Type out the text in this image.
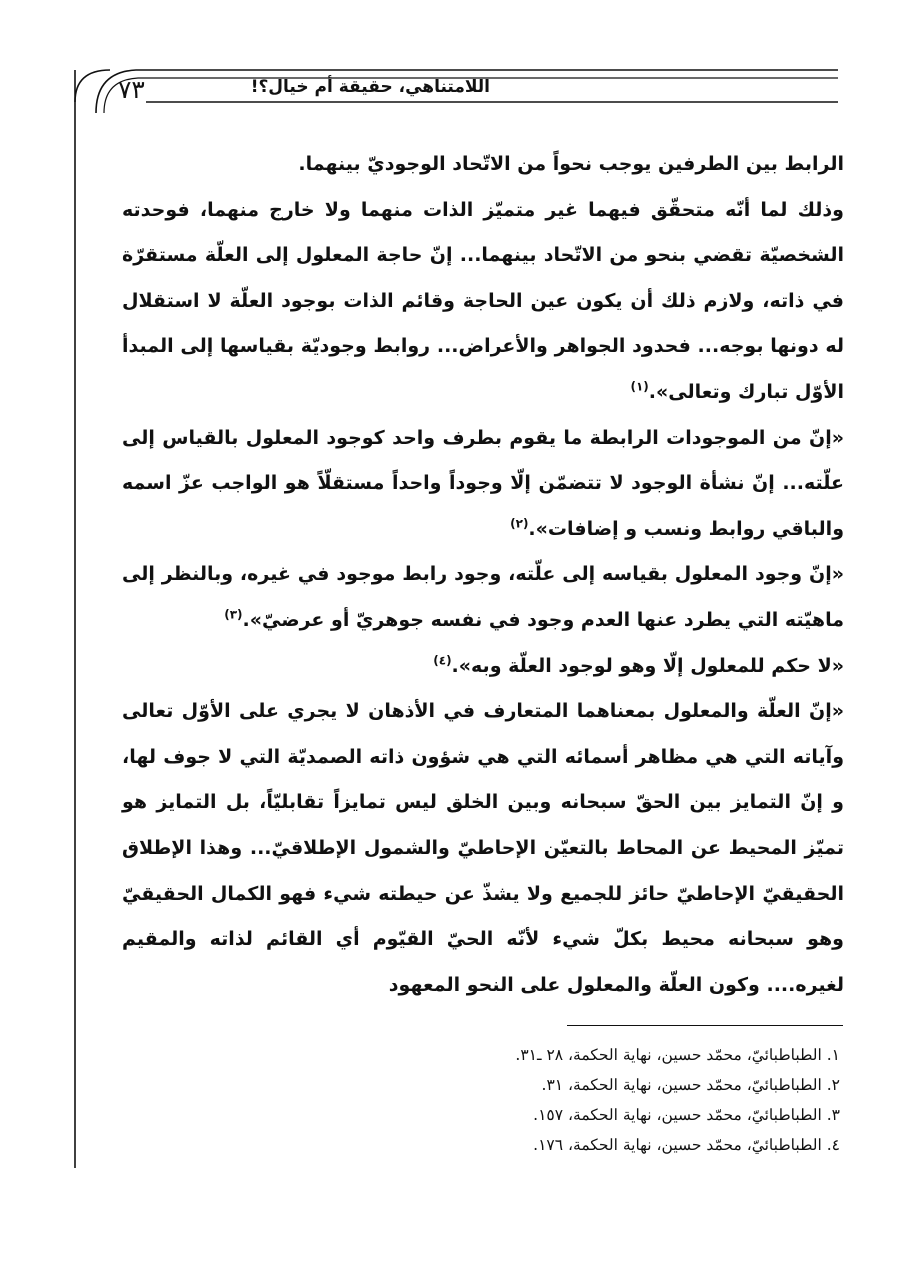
٧٣	اللامتناهي، حقيقة أم خيال؟!

الرابط بين الطرفين يوجب نحواً من الاتّحاد الوجوديّ بينهما.

وذلك لما أنّه متحقّق فيهما غير متميّز الذات منهما ولا خارج منهما، فوحدته الشخصيّة تقضي بنحو من الاتّحاد بينهما... إنّ حاجة المعلول إلى العلّة مستقرّة في ذاته، ولازم ذلك أن يكون عين الحاجة وقائم الذات بوجود العلّة لا استقلال له دونها بوجه... فحدود الجواهر والأعراض... روابط وجوديّة بقياسها إلى المبدأ الأوّل تبارك وتعالى».$^{(١)}$

«إنّ من الموجودات الرابطة ما يقوم بطرف واحد كوجود المعلول بالقياس إلى علّته... إنّ نشأة الوجود لا تتضمّن إلّا وجوداً واحداً مستقلّاً هو الواجب عزّ اسمه والباقي روابط ونسب و إضافات».$^{(٢)}$

«إنّ وجود المعلول بقياسه إلى علّته، وجود رابط موجود في غيره، وبالنظر إلى ماهيّته التي يطرد عنها العدم وجود في نفسه جوهريّ أو عرضيّ».$^{(٣)}$

«لا حكم للمعلول إلّا وهو لوجود العلّة وبه».$^{(٤)}$

«إنّ العلّة والمعلول بمعناهما المتعارف في الأذهان لا يجري على الأوّل تعالى وآياته التي هي مظاهر أسمائه التي هي شؤون ذاته الصمديّة التي لا جوف لها، و إنّ التمايز بين الحقّ سبحانه وبين الخلق ليس تمايزاً تقابليّاً، بل التمايز هو تميّز المحيط عن المحاط بالتعيّن الإحاطيّ والشمول الإطلاقيّ... وهذا الإطلاق الحقيقيّ الإحاطيّ حائز للجميع ولا يشذّ عن حيطته شيء فهو الكمال الحقيقيّ وهو سبحانه محيط بكلّ شيء لأنّه الحيّ القيّوم أي القائم لذاته والمقيم لغيره.... وكون العلّة والمعلول على النحو المعهود

١. الطباطبائيّ، محمّد حسين، نهاية الحكمة، ٢٨ ـ٣١.

٢. الطباطبائيّ، محمّد حسين، نهاية الحكمة، ٣١.

٣. الطباطبائيّ، محمّد حسين، نهاية الحكمة، ١٥٧.

٤. الطباطبائيّ، محمّد حسين، نهاية الحكمة، ١٧٦.
